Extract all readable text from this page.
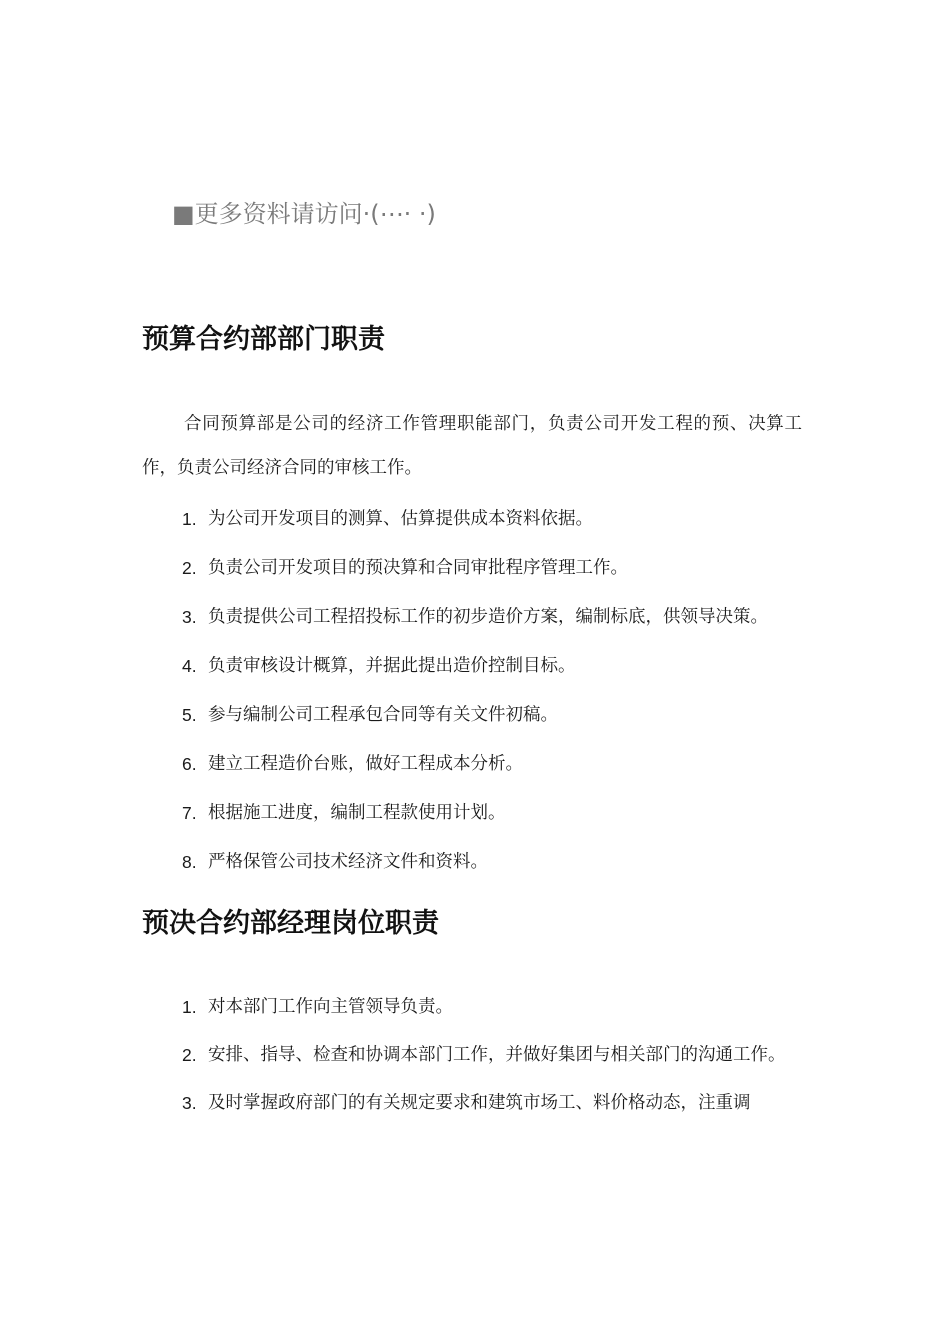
■更多资料请访问·(⋯· ·)
预算合约部部门职责
合同预算部是公司的经济工作管理职能部门，负责公司开发工程的预、决算工作，负责公司经济合同的审核工作。
1. 为公司开发项目的测算、估算提供成本资料依据。
2. 负责公司开发项目的预决算和合同审批程序管理工作。
3. 负责提供公司工程招投标工作的初步造价方案，编制标底，供领导决策。
4. 负责审核设计概算，并据此提出造价控制目标。
5. 参与编制公司工程承包合同等有关文件初稿。
6. 建立工程造价台账，做好工程成本分析。
7. 根据施工进度，编制工程款使用计划。
8. 严格保管公司技术经济文件和资料。
预决合约部经理岗位职责
1. 对本部门工作向主管领导负责。
2. 安排、指导、检查和协调本部门工作，并做好集团与相关部门的沟通工作。
3. 及时掌握政府部门的有关规定要求和建筑市场工、料价格动态，注重调
